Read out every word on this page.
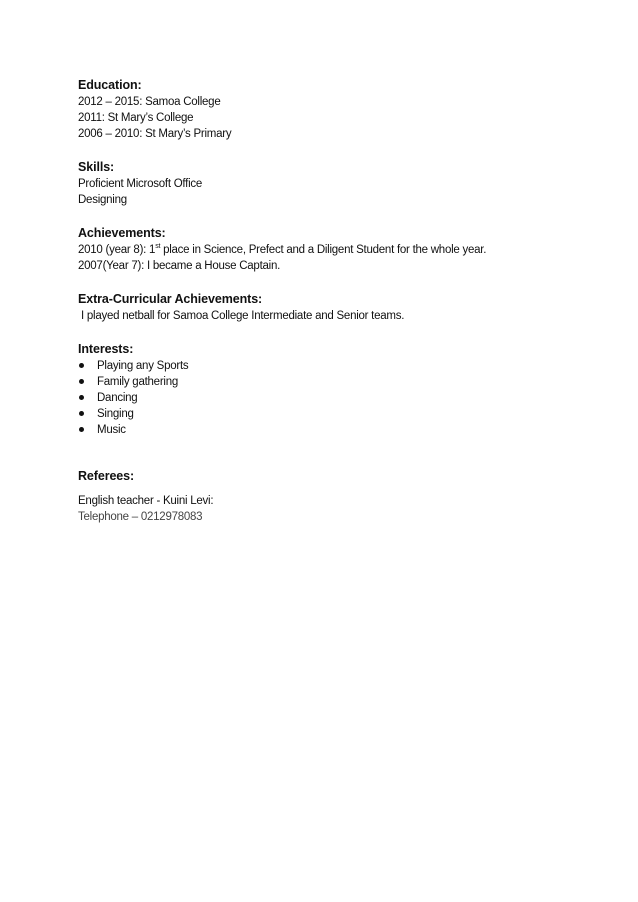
Education:
2012 – 2015: Samoa College
2011: St Mary’s College
2006 – 2010: St Mary’s Primary
Skills:
Proficient Microsoft Office
Designing
Achievements:
2010 (year 8): 1st place in Science, Prefect and a Diligent Student for the whole year.
2007(Year 7): I became a House Captain.
Extra-Curricular Achievements:
I played netball for Samoa College Intermediate and Senior teams.
Interests:
Playing any Sports
Family gathering
Dancing
Singing
Music
Referees:
English teacher - Kuini Levi:
Telephone – 0212978083
